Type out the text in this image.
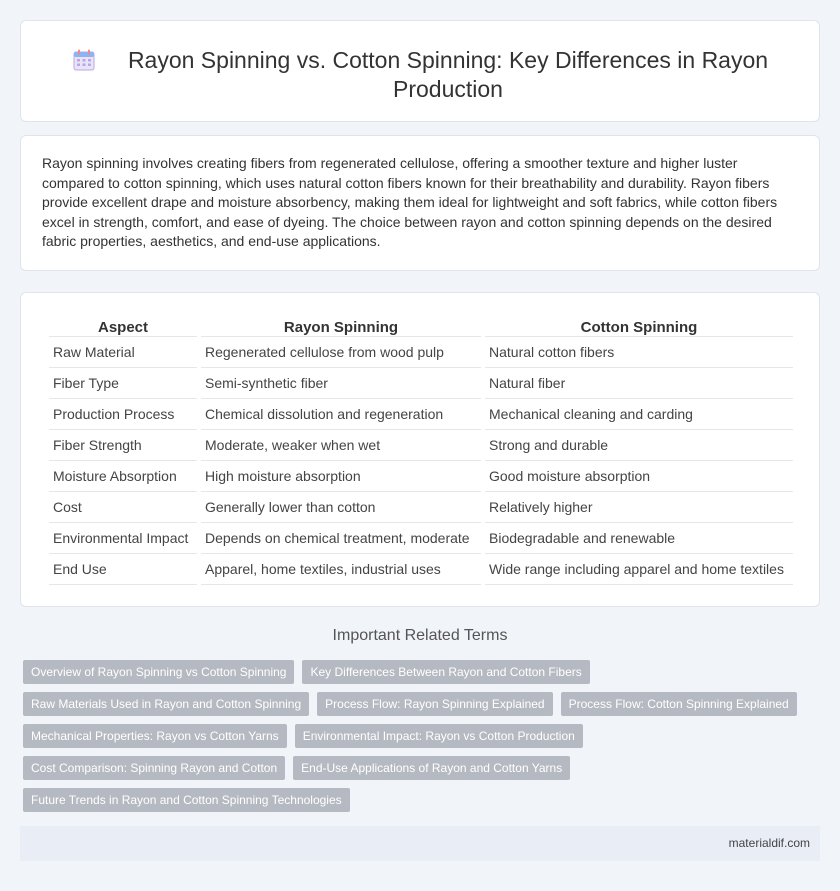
Rayon Spinning vs. Cotton Spinning: Key Differences in Rayon Production

Rayon spinning involves creating fibers from regenerated cellulose, offering a smoother texture and higher luster compared to cotton spinning, which uses natural cotton fibers known for their breathability and durability. Rayon fibers provide excellent drape and moisture absorbency, making them ideal for lightweight and soft fabrics, while cotton fibers excel in strength, comfort, and ease of dyeing. The choice between rayon and cotton spinning depends on the desired fabric properties, aesthetics, and end-use applications.

Aspect	Rayon Spinning	Cotton Spinning
Raw Material	Regenerated cellulose from wood pulp	Natural cotton fibers
Fiber Type	Semi-synthetic fiber	Natural fiber
Production Process	Chemical dissolution and regeneration	Mechanical cleaning and carding
Fiber Strength	Moderate, weaker when wet	Strong and durable
Moisture Absorption	High moisture absorption	Good moisture absorption
Cost	Generally lower than cotton	Relatively higher
Environmental Impact	Depends on chemical treatment, moderate	Biodegradable and renewable
End Use	Apparel, home textiles, industrial uses	Wide range including apparel and home textiles
Important Related Terms
Overview of Rayon Spinning vs Cotton Spinning	Key Differences Between Rayon and Cotton Fibers
Raw Materials Used in Rayon and Cotton Spinning	Process Flow: Rayon Spinning Explained	Process Flow: Cotton Spinning Explained
Mechanical Properties: Rayon vs Cotton Yarns	Environmental Impact: Rayon vs Cotton Production
Cost Comparison: Spinning Rayon and Cotton	End-Use Applications of Rayon and Cotton Yarns
Future Trends in Rayon and Cotton Spinning Technologies
materialdif.com
